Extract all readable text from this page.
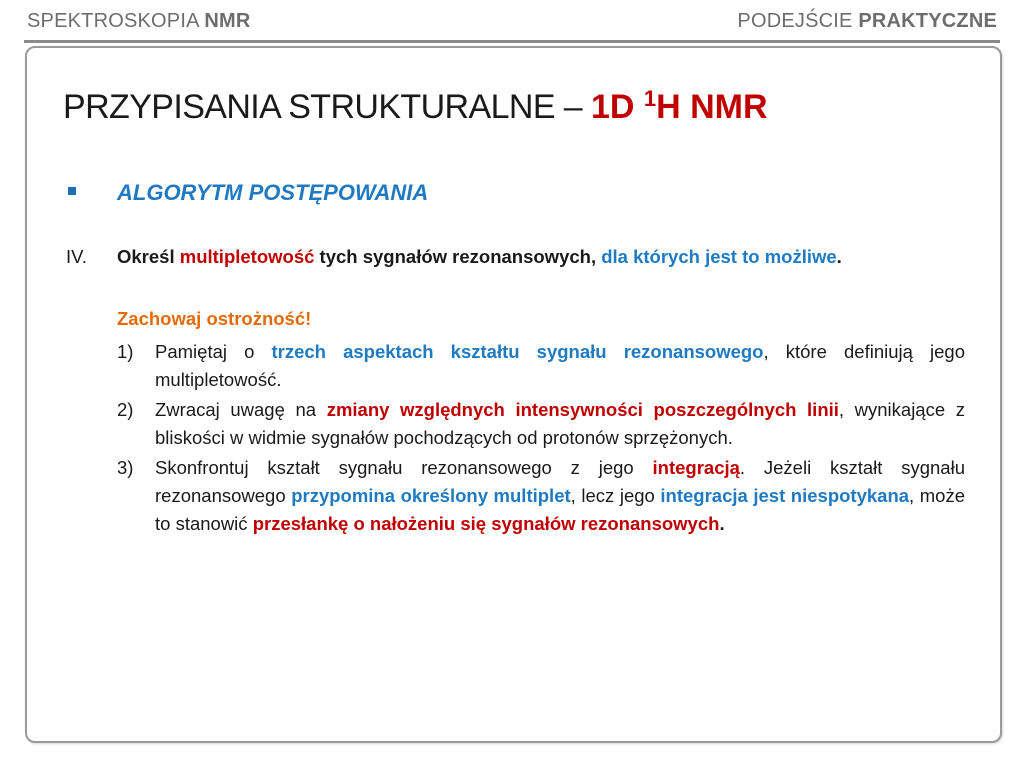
SPEKTROSKOPIA NMR	PODEJŚCIE PRAKTYCZNE
PRZYPISANIA STRUKTURALNE – 1D $^1$H NMR
ALGORYTM POSTĘPOWANIA
IV. Określ multipletowość tych sygnałów rezonansowych, dla których jest to możliwe.
Zachowaj ostrożność!
1) Pamiętaj o trzech aspektach kształtu sygnału rezonansowego, które definiują jego multipletowość.
2) Zwracaj uwagę na zmiany względnych intensywności poszczególnych linii, wynikające z bliskości w widmie sygnałów pochodzących od protonów sprzężonych.
3) Skonfrontuj kształt sygnału rezonansowego z jego integracją. Jeżeli kształt sygnału rezonansowego przypomina określony multiplet, lecz jego integracja jest niespotykana, może to stanowić przesłankę o nałożeniu się sygnałów rezonansowych.
